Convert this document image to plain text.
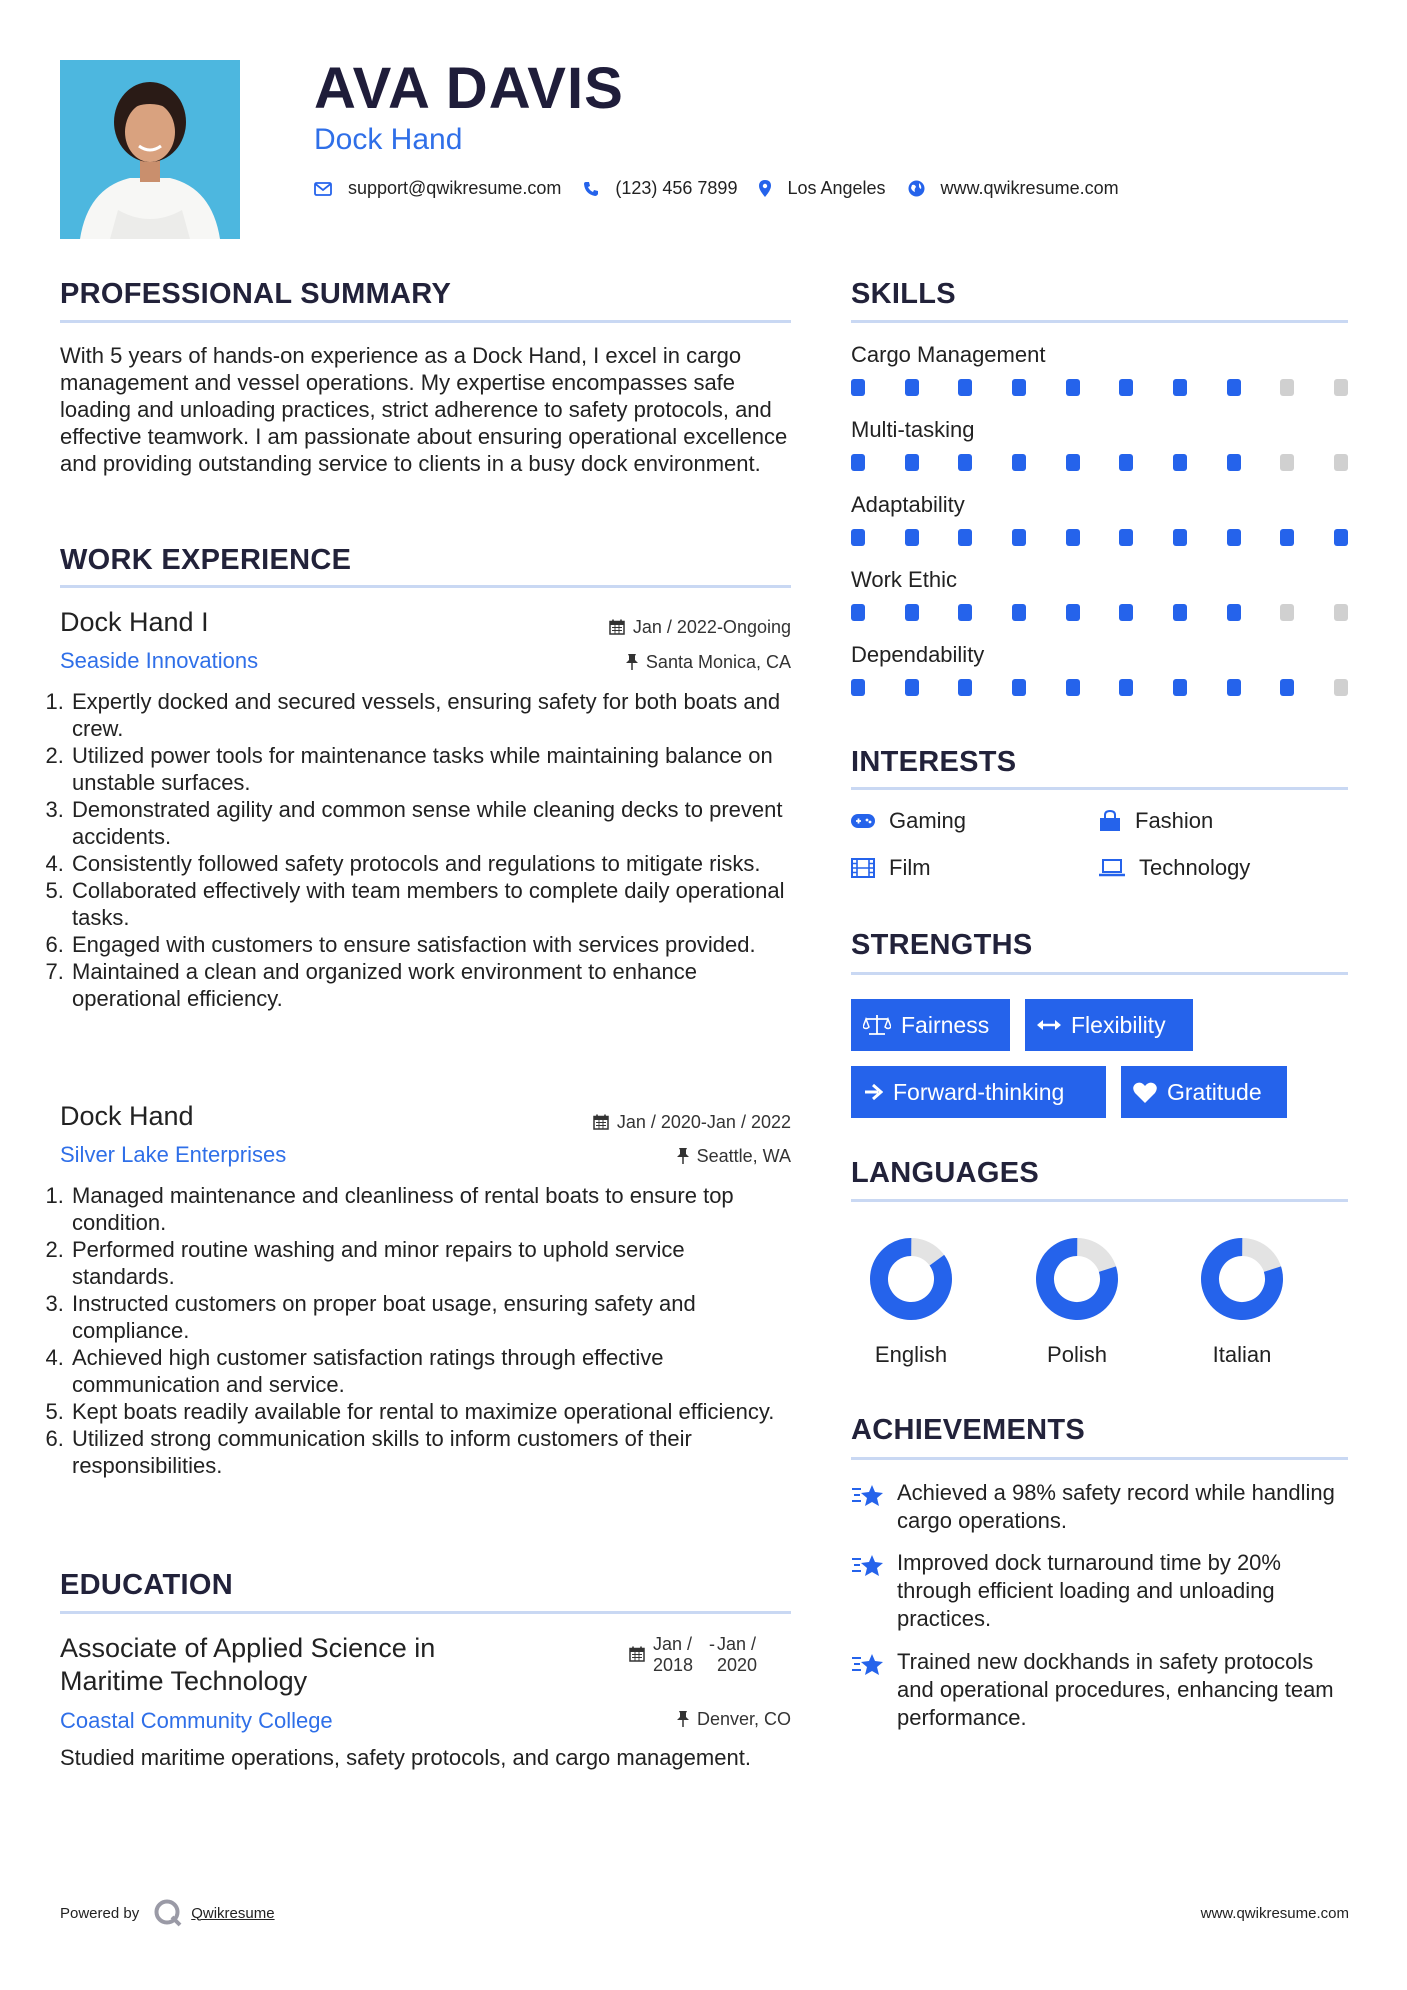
AVA DAVIS
Dock Hand
support@qwikresume.com	(123) 456 7899	Los Angeles	www.qwikresume.com
PROFESSIONAL SUMMARY
With 5 years of hands-on experience as a Dock Hand, I excel in cargo management and vessel operations. My expertise encompasses safe loading and unloading practices, strict adherence to safety protocols, and effective teamwork. I am passionate about ensuring operational excellence and providing outstanding service to clients in a busy dock environment.
WORK EXPERIENCE
Dock Hand I	Jan / 2022-Ongoing
Seaside Innovations	Santa Monica, CA
1. Expertly docked and secured vessels, ensuring safety for both boats and crew.
2. Utilized power tools for maintenance tasks while maintaining balance on unstable surfaces.
3. Demonstrated agility and common sense while cleaning decks to prevent accidents.
4. Consistently followed safety protocols and regulations to mitigate risks.
5. Collaborated effectively with team members to complete daily operational tasks.
6. Engaged with customers to ensure satisfaction with services provided.
7. Maintained a clean and organized work environment to enhance operational efficiency.
Dock Hand	Jan / 2020-Jan / 2022
Silver Lake Enterprises	Seattle, WA
1. Managed maintenance and cleanliness of rental boats to ensure top condition.
2. Performed routine washing and minor repairs to uphold service standards.
3. Instructed customers on proper boat usage, ensuring safety and compliance.
4. Achieved high customer satisfaction ratings through effective communication and service.
5. Kept boats readily available for rental to maximize operational efficiency.
6. Utilized strong communication skills to inform customers of their responsibilities.
EDUCATION
Associate of Applied Science in Maritime Technology
Jan / 2018
- Jan / 2020
Coastal Community College	Denver, CO
Studied maritime operations, safety protocols, and cargo management.
SKILLS
Cargo Management
Multi-tasking
Adaptability
Work Ethic
Dependability
INTERESTS
Gaming	Fashion
Film	Technology
STRENGTHS
Fairness	Flexibility
Forward-thinking	Gratitude
LANGUAGES
English	Polish	Italian
ACHIEVEMENTS
Achieved a 98% safety record while handling cargo operations.
Improved dock turnaround time by 20% through efficient loading and unloading practices.
Trained new dockhands in safety protocols and operational procedures, enhancing team performance.
Powered by	Qwikresume	www.qwikresume.com
